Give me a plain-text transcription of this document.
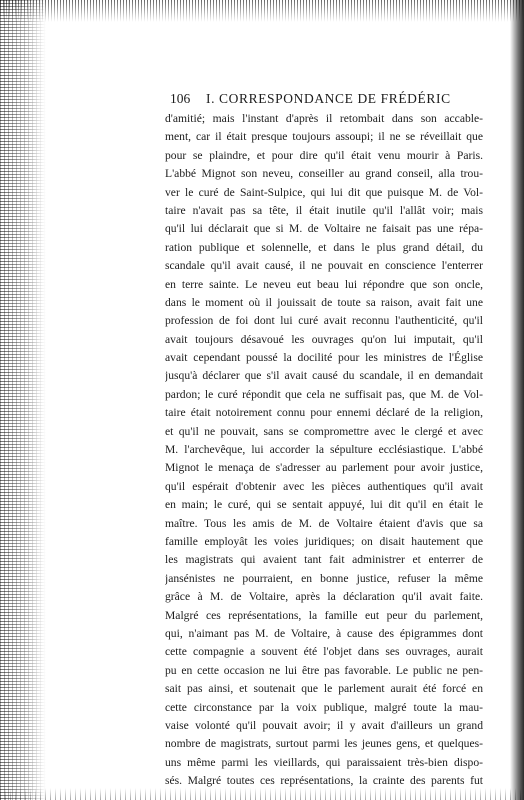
106 I. CORRESPONDANCE DE FRÉDÉRIC
d'amitié; mais l'instant d'après il retombait dans son accable-
ment, car il était presque toujours assoupi; il ne se réveillait que
pour se plaindre, et pour dire qu'il était venu mourir à Paris.
L'abbé Mignot son neveu, conseiller au grand conseil, alla trou-
ver le curé de Saint-Sulpice, qui lui dit que puisque M. de Vol-
taire n'avait pas sa tête, il était inutile qu'il l'allât voir; mais
qu'il lui déclarait que si M. de Voltaire ne faisait pas une répa-
ration publique et solennelle, et dans le plus grand détail, du
scandale qu'il avait causé, il ne pouvait en conscience l'enterrer
en terre sainte. Le neveu eut beau lui répondre que son oncle,
dans le moment où il jouissait de toute sa raison, avait fait une
profession de foi dont lui curé avait reconnu l'authenticité, qu'il
avait toujours désavoué les ouvrages qu'on lui imputait, qu'il
avait cependant poussé la docilité pour les ministres de l'Église
jusqu'à déclarer que s'il avait causé du scandale, il en demandait
pardon; le curé répondit que cela ne suffisait pas, que M. de Vol-
taire était notoirement connu pour ennemi déclaré de la religion,
et qu'il ne pouvait, sans se compromettre avec le clergé et avec
M. l'archevêque, lui accorder la sépulture ecclésiastique. L'abbé
Mignot le menaça de s'adresser au parlement pour avoir justice,
qu'il espérait d'obtenir avec les pièces authentiques qu'il avait
en main; le curé, qui se sentait appuyé, lui dit qu'il en était le
maître. Tous les amis de M. de Voltaire étaient d'avis que sa
famille employât les voies juridiques; on disait hautement que
les magistrats qui avaient tant fait administrer et enterrer de
jansénistes ne pourraient, en bonne justice, refuser la même
grâce à M. de Voltaire, après la déclaration qu'il avait faite.
Malgré ces représentations, la famille eut peur du parlement,
qui, n'aimant pas M. de Voltaire, à cause des épigrammes dont
cette compagnie a souvent été l'objet dans ses ouvrages, aurait
pu en cette occasion ne lui être pas favorable. Le public ne pen-
sait pas ainsi, et soutenait que le parlement aurait été forcé en
cette circonstance par la voix publique, malgré toute la mau-
vaise volonté qu'il pouvait avoir; il y avait d'ailleurs un grand
nombre de magistrats, surtout parmi les jeunes gens, et quelques-
uns même parmi les vieillards, qui paraissaient très-bien dispo-
sés. Malgré toutes ces représentations, la crainte des parents fut
